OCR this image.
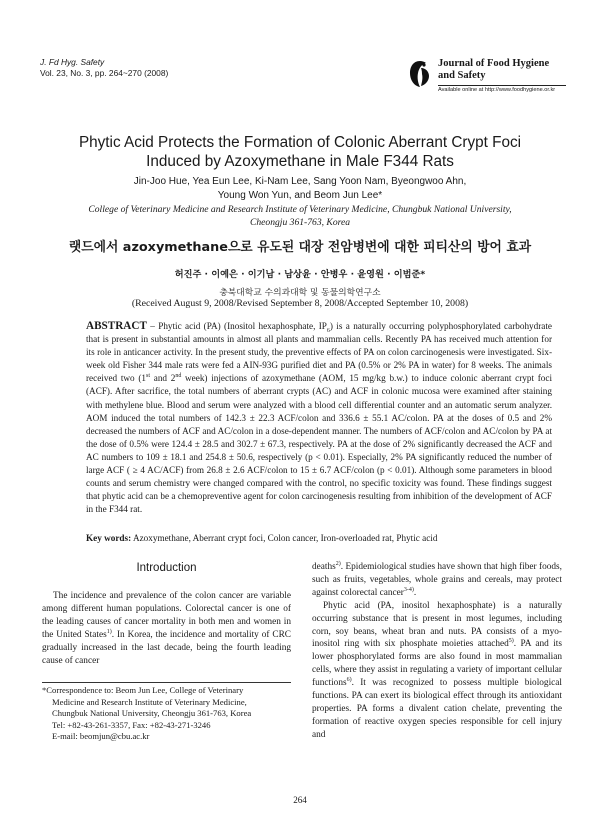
J. Fd Hyg. Safety
Vol. 23, No. 3, pp. 264~270 (2008)
Journal of Food Hygiene
and Safety
Available online at http://www.foodhygiene.or.kr
Phytic Acid Protects the Formation of Colonic Aberrant Crypt Foci
Induced by Azoxymethane in Male F344 Rats
Jin-Joo Hue, Yea Eun Lee, Ki-Nam Lee, Sang Yoon Nam, Byeongwoo Ahn,
Young Won Yun, and Beom Jun Lee*
College of Veterinary Medicine and Research Institute of Veterinary Medicine, Chungbuk National University,
Cheongju 361-763, Korea
랫드에서 azoxymethane으로 유도된 대장 전암병변에 대한 피티산의 방어 효과
허진주 · 이예은 · 이기남 · 남상윤 · 안병우 · 윤영원 · 이범준*
충북대학교 수의과대학 및 동물의학연구소
(Received August 9, 2008/Revised September 8, 2008/Accepted September 10, 2008)
ABSTRACT – Phytic acid (PA) (Inositol hexaphosphate, $IP_6$) is a naturally occurring polyphosphorylated carbohydrate that is present in substantial amounts in almost all plants and mammalian cells. Recently PA has received much attention for its role in anticancer activity. In the present study, the preventive effects of PA on colon carcinogenesis were investigated. Six-week old Fisher 344 male rats were fed a AIN-93G purified diet and PA (0.5% or 2% PA in water) for 8 weeks. The animals received two (1st and 2nd week) injections of azoxymethane (AOM, 15 mg/kg b.w.) to induce colonic aberrant crypt foci (ACF). After sacrifice, the total numbers of aberrant crypts (AC) and ACF in colonic mucosa were examined after staining with methylene blue. Blood and serum were analyzed with a blood cell differential counter and an automatic serum analyzer. AOM induced the total numbers of 142.3 ± 22.3 ACF/colon and 336.6 ± 55.1 AC/colon. PA at the doses of 0.5 and 2% decreased the numbers of ACF and AC/colon in a dose-dependent manner. The numbers of ACF/colon and AC/colon by PA at the dose of 0.5% were 124.4 ± 28.5 and 302.7 ± 67.3, respectively. PA at the dose of 2% significantly decreased the ACF and AC numbers to 109 ± 18.1 and 254.8 ± 50.6, respectively (p < 0.01). Especially, 2% PA significantly reduced the number of large ACF ( ≥ 4 AC/ACF) from 26.8 ± 2.6 ACF/colon to 15 ± 6.7 ACF/colon (p < 0.01). Although some parameters in blood counts and serum chemistry were changed compared with the control, no specific toxicity was found. These findings suggest that phytic acid can be a chemopreventive agent for colon carcinogenesis resulting from inhibition of the development of ACF in the F344 rat.
Key words: Azoxymethane, Aberrant crypt foci, Colon cancer, Iron-overloaded rat, Phytic acid
Introduction

The incidence and prevalence of the colon cancer are variable among different human populations. Colorectal cancer is one of the leading causes of cancer mortality in both men and women in the United States$^{1)}$. In Korea, the incidence and mortality of CRC gradually increased in the last decade, being the fourth leading cause of cancer

*Correspondence to: Beom Jun Lee, College of Veterinary
Medicine and Research Institute of Veterinary Medicine,
Chungbuk National University, Cheongju 361-763, Korea
Tel: +82-43-261-3357, Fax: +82-43-271-3246
E-mail: beomjun@cbu.ac.kr

deaths$^{2)}$. Epidemiological studies have shown that high fiber foods, such as fruits, vegetables, whole grains and cereals, may protect against colorectal cancer$^{3-4)}$.

Phytic acid (PA, inositol hexaphosphate) is a naturally occurring substance that is present in most legumes, including corn, soy beans, wheat bran and nuts. PA consists of a myo-inositol ring with six phosphate moieties attached$^{5)}$. PA and its lower phosphorylated forms are also found in most mammalian cells, where they assist in regulating a variety of important cellular functions$^{6)}$. It was recognized to possess multiple biological functions. PA can exert its biological effect through its antioxidant properties. PA forms a divalent cation chelate, preventing the formation of reactive oxygen species responsible for cell injury and

264
